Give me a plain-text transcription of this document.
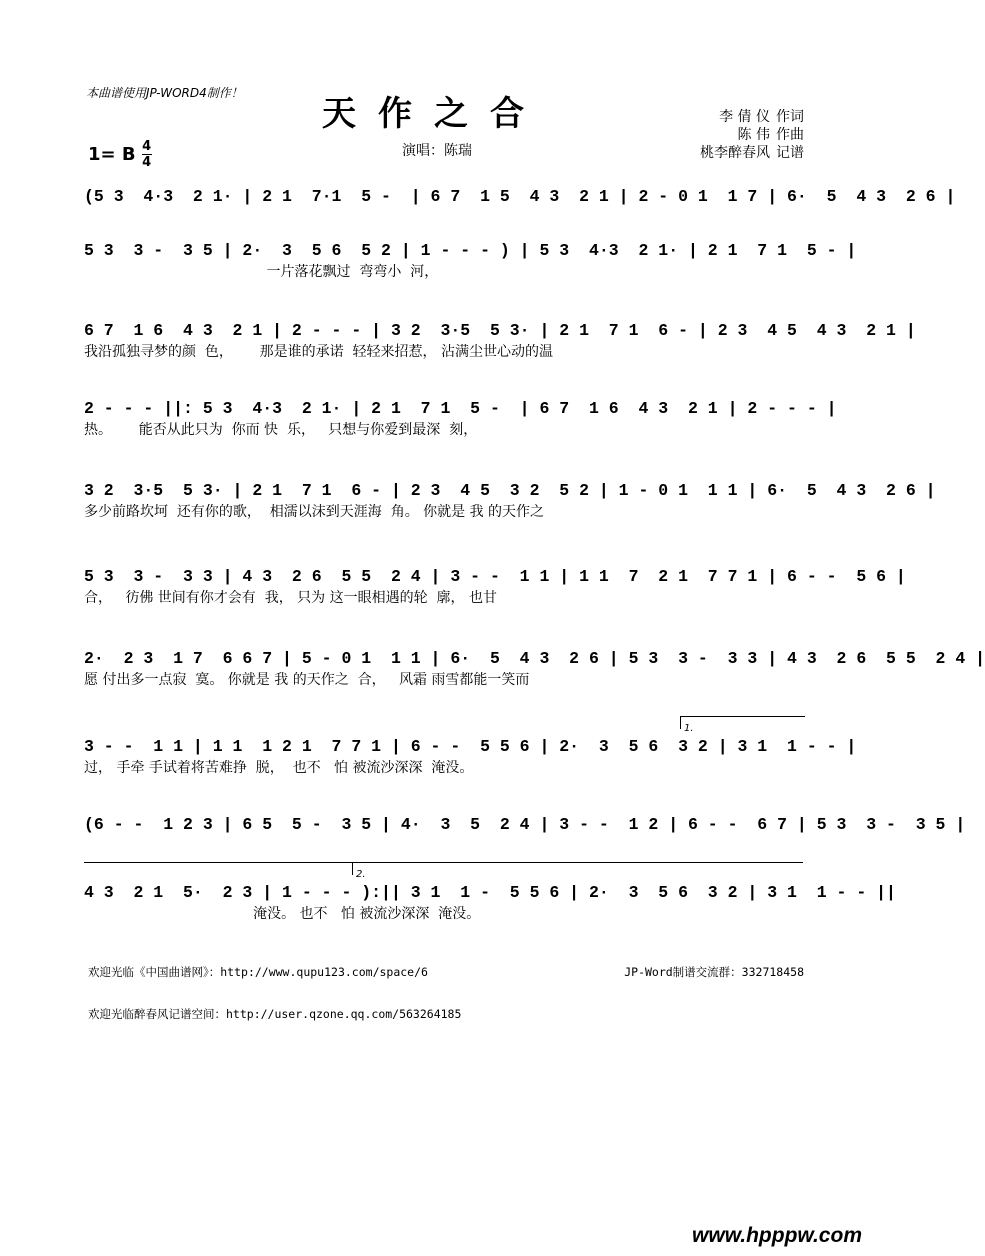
本曲谱使用JP-WORD4制作！
天作之合	李 倩 仪 作词
陈 伟 作曲
桃李醉春风 记谱
1= B $\frac{4}{4}$	演唱：陈瑞
(5 3  4·3  2 1· | 2 1  7·1  5 -  | 6 7  1 5  4 3  2 1 | 2 - 0 1  1 7 | 6·  5  4 3  2 6 |
5 3  3 -  3 5 | 2·  3  5 6  5 2 | 1 - - - ) | 5 3  4·3  2 1· | 2 1  7 1  5 - |
一片落花飘过  弯弯小  河，
6 7  1 6  4 3  2 1 | 2 - - - | 3 2  3·5  5 3· | 2 1  7 1  6 - | 2 3  4 5  4 3  2 1 |
我沿孤独寻梦的颜  色，      那是谁的承诺  轻轻来招惹， 沾满尘世心动的温
2 - - - ||: 5 3  4·3  2 1· | 2 1  7 1  5 -  | 6 7  1 6  4 3  2 1 | 2 - - - |
热。      能否从此只为  你而 快  乐，   只想与你爱到最深  刻，
3 2  3·5  5 3· | 2 1  7 1  6 - | 2 3  4 5  3 2  5 2 | 1 - 0 1  1 1 | 6·  5  4 3  2 6 |
多少前路坎坷  还有你的歌，  相濡以沫到天涯海  角。 你就是 我 的天作之
5 3  3 -  3 3 | 4 3  2 6  5 5  2 4 | 3 - -  1 1 | 1 1  7  2 1  7 7 1 | 6 - -  5 6 |
合，   彷佛 世间有你才会有  我， 只为 这一眼相遇的轮  廓， 也甘
2·  2 3  1 7  6 6 7 | 5 - 0 1  1 1 | 6·  5  4 3  2 6 | 5 3  3 -  3 3 | 4 3  2 6  5 5  2 4 |
愿 付出多一点寂  寞。 你就是 我 的天作之  合，   风霜 雨雪都能一笑而
1.
3 - -  1 1 | 1 1  1 2 1  7 7 1 | 6 - -  5 5 6 | 2·  3  5 6  3 2 | 3 1  1 - - |
过， 手牵 手试着将苦难挣  脱，  也不   怕 被流沙深深  淹没。
(6 - -  1 2 3 | 6 5  5 -  3 5 | 4·  3  5  2 4 | 3 - -  1 2 | 6 - -  6 7 | 5 3  3 -  3 5 |
2.
4 3  2 1  5·  2 3 | 1 - - - ):|| 3 1  1 -  5 5 6 | 2·  3  5 6  3 2 | 3 1  1 - - ||
淹没。 也不   怕 被流沙深深  淹没。
欢迎光临《中国曲谱网》：http://www.qupu123.com/space/6	JP-Word制谱交流群：332718458
欢迎光临醉春风记谱空间：http://user.qzone.qq.com/563264185
www.hpppw.com
